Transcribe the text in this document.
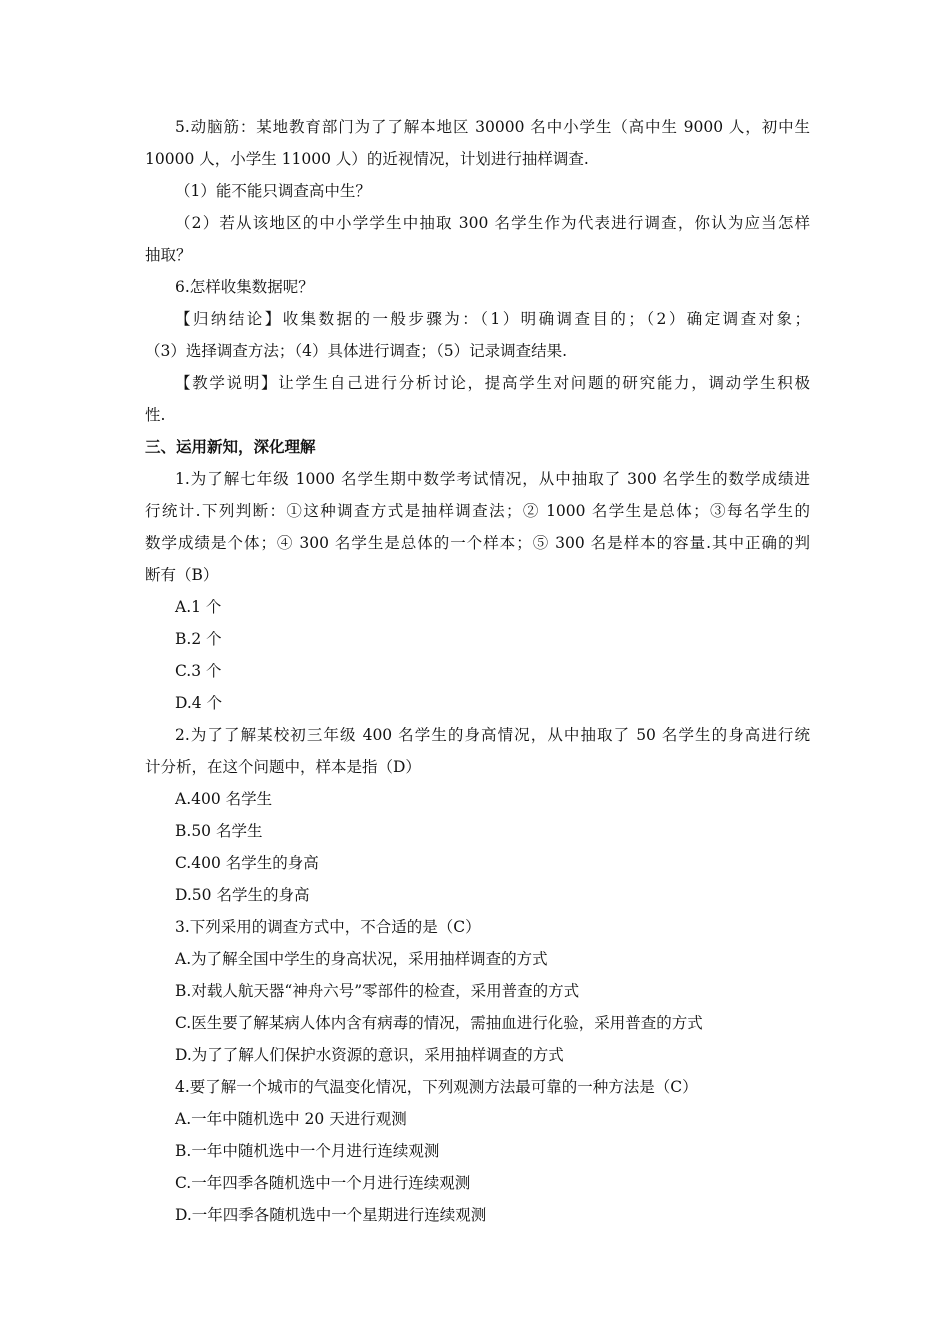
5.动脑筋：某地教育部门为了了解本地区 30000 名中小学生（高中生 9000 人，初中生
10000 人，小学生 11000 人）的近视情况，计划进行抽样调查.
（1）能不能只调查高中生？
（2）若从该地区的中小学学生中抽取 300 名学生作为代表进行调查，你认为应当怎样
抽取？
6.怎样收集数据呢？
【归纳结论】收集数据的一般步骤为：（1）明确调查目的；（2）确定调查对象；
（3）选择调查方法；（4）具体进行调查；（5）记录调查结果.
【教学说明】让学生自己进行分析讨论，提高学生对问题的研究能力，调动学生积极
性.
三、运用新知，深化理解
1.为了解七年级 1000 名学生期中数学考试情况，从中抽取了 300 名学生的数学成绩进
行统计.下列判断：①这种调查方式是抽样调查法；② 1000 名学生是总体；③每名学生的
数学成绩是个体；④ 300 名学生是总体的一个样本；⑤ 300 名是样本的容量.其中正确的判
断有（B）
A.1 个
B.2 个
C.3 个
D.4 个
2.为了了解某校初三年级 400 名学生的身高情况，从中抽取了 50 名学生的身高进行统
计分析，在这个问题中，样本是指（D）
A.400 名学生
B.50 名学生
C.400 名学生的身高
D.50 名学生的身高
3.下列采用的调查方式中，不合适的是（C）
A.为了解全国中学生的身高状况，采用抽样调查的方式
B.对载人航天器“神舟六号”零部件的检查，采用普查的方式
C.医生要了解某病人体内含有病毒的情况，需抽血进行化验，采用普查的方式
D.为了了解人们保护水资源的意识，采用抽样调查的方式
4.要了解一个城市的气温变化情况，下列观测方法最可靠的一种方法是（C）
A.一年中随机选中 20 天进行观测
B.一年中随机选中一个月进行连续观测
C.一年四季各随机选中一个月进行连续观测
D.一年四季各随机选中一个星期进行连续观测
